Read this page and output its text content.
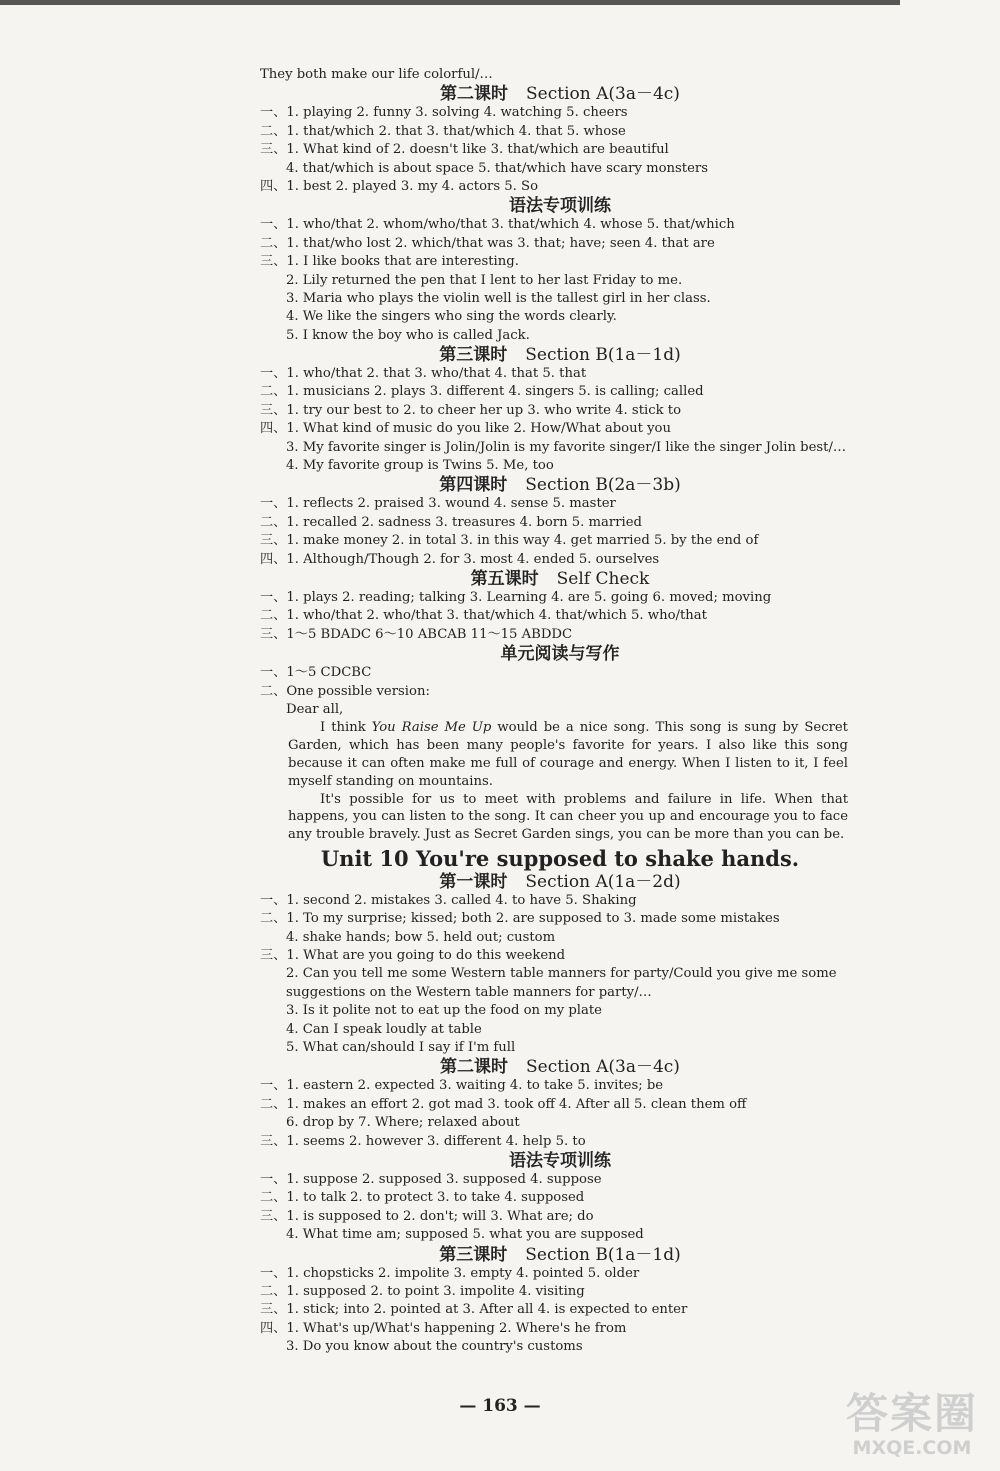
They both make our life colorful/…
第二课时 Section A(3a－4c)
一、1. playing 2. funny 3. solving 4. watching 5. cheers
二、1. that/which 2. that 3. that/which 4. that 5. whose
三、1. What kind of 2. doesn't like 3. that/which are beautiful
4. that/which is about space 5. that/which have scary monsters
四、1. best 2. played 3. my 4. actors 5. So
语法专项训练
一、1. who/that 2. whom/who/that 3. that/which 4. whose 5. that/which
二、1. that/who lost 2. which/that was 3. that; have; seen 4. that are
三、1. I like books that are interesting.
2. Lily returned the pen that I lent to her last Friday to me.
3. Maria who plays the violin well is the tallest girl in her class.
4. We like the singers who sing the words clearly.
5. I know the boy who is called Jack.
第三课时 Section B(1a－1d)
一、1. who/that 2. that 3. who/that 4. that 5. that
二、1. musicians 2. plays 3. different 4. singers 5. is calling; called
三、1. try our best to 2. to cheer her up 3. who write 4. stick to
四、1. What kind of music do you like 2. How/What about you
3. My favorite singer is Jolin/Jolin is my favorite singer/I like the singer Jolin best/…
4. My favorite group is Twins 5. Me, too
第四课时 Section B(2a－3b)
一、1. reflects 2. praised 3. wound 4. sense 5. master
二、1. recalled 2. sadness 3. treasures 4. born 5. married
三、1. make money 2. in total 3. in this way 4. get married 5. by the end of
四、1. Although/Though 2. for 3. most 4. ended 5. ourselves
第五课时 Self Check
一、1. plays 2. reading; talking 3. Learning 4. are 5. going 6. moved; moving
二、1. who/that 2. who/that 3. that/which 4. that/which 5. who/that
三、1～5 BDADC 6～10 ABCAB 11～15 ABDDC
单元阅读与写作
一、1～5 CDCBC
二、One possible version:
Dear all,

I think You Raise Me Up would be a nice song. This song is sung by Secret Garden, which has been many people's favorite for years. I also like this song because it can often make me full of courage and energy. When I listen to it, I feel myself standing on mountains.

It's possible for us to meet with problems and failure in life. When that happens, you can listen to the song. It can cheer you up and encourage you to face any trouble bravely. Just as Secret Garden sings, you can be more than you can be.

Unit 10 You're supposed to shake hands.
第一课时 Section A(1a－2d)
一、1. second 2. mistakes 3. called 4. to have 5. Shaking
二、1. To my surprise; kissed; both 2. are supposed to 3. made some mistakes
4. shake hands; bow 5. held out; custom
三、1. What are you going to do this weekend
2. Can you tell me some Western table manners for party/Could you give me some
suggestions on the Western table manners for party/…
3. Is it polite not to eat up the food on my plate
4. Can I speak loudly at table
5. What can/should I say if I'm full
第二课时 Section A(3a－4c)
一、1. eastern 2. expected 3. waiting 4. to take 5. invites; be
二、1. makes an effort 2. got mad 3. took off 4. After all 5. clean them off
6. drop by 7. Where; relaxed about
三、1. seems 2. however 3. different 4. help 5. to
语法专项训练
一、1. suppose 2. supposed 3. supposed 4. suppose
二、1. to talk 2. to protect 3. to take 4. supposed
三、1. is supposed to 2. don't; will 3. What are; do
4. What time am; supposed 5. what you are supposed
第三课时 Section B(1a－1d)
一、1. chopsticks 2. impolite 3. empty 4. pointed 5. older
二、1. supposed 2. to point 3. impolite 4. visiting
三、1. stick; into 2. pointed at 3. After all 4. is expected to enter
四、1. What's up/What's happening 2. Where's he from
3. Do you know about the country's customs
— 163 —	答案圈
MXQE.COM
